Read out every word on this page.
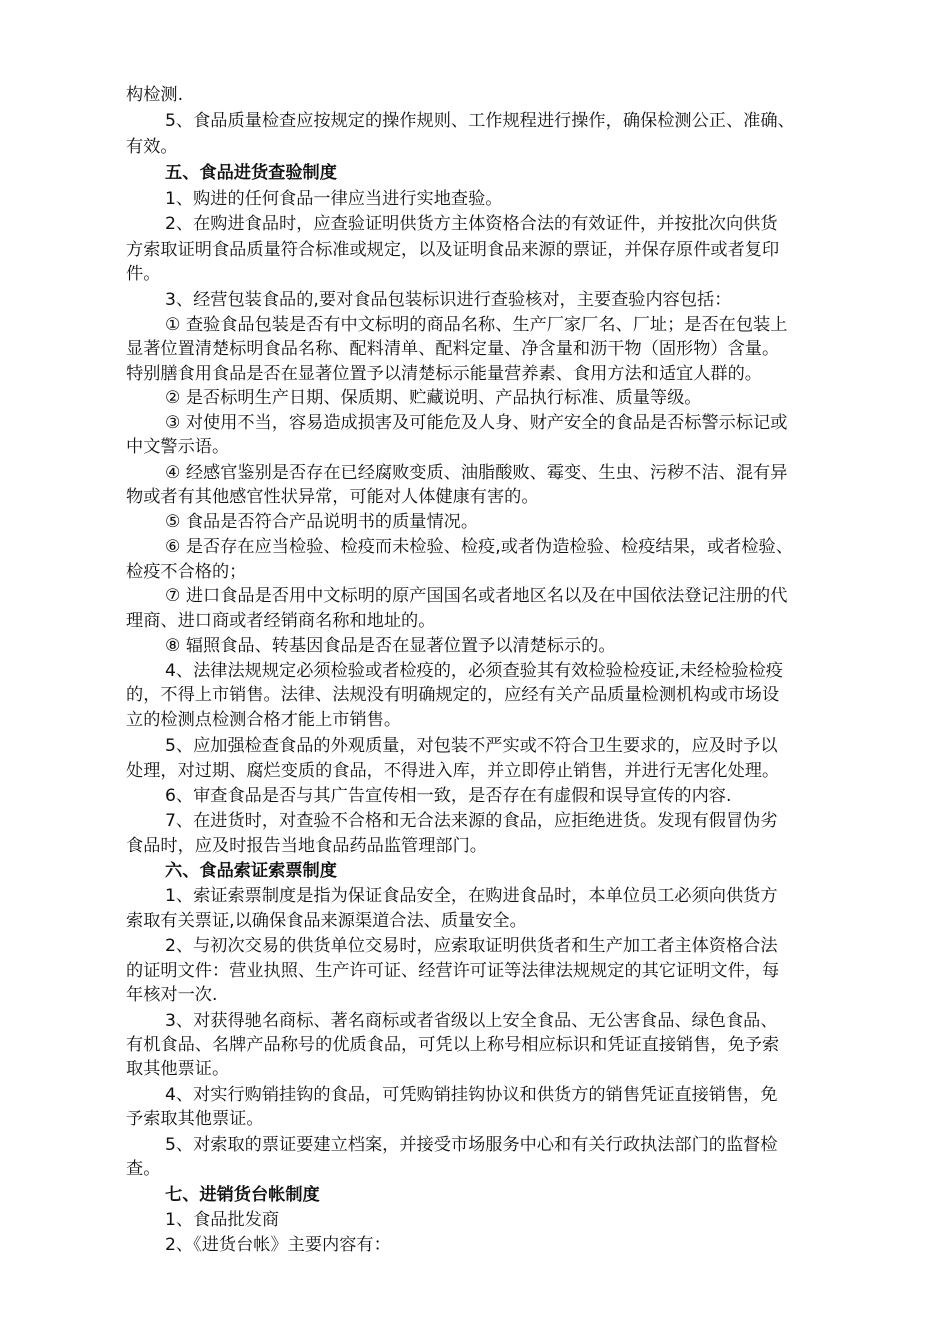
构检测.
5、食品质量检查应按规定的操作规则、工作规程进行操作，确保检测公正、准确、
有效。
五、食品进货查验制度
1、购进的任何食品一律应当进行实地查验。
2、在购进食品时，应查验证明供货方主体资格合法的有效证件，并按批次向供货
方索取证明食品质量符合标准或规定，以及证明食品来源的票证，并保存原件或者复印
件。
3、经营包装食品的,要对食品包装标识进行查验核对，主要查验内容包括：
① 查验食品包装是否有中文标明的商品名称、生产厂家厂名、厂址；是否在包装上
显著位置清楚标明食品名称、配料清单、配料定量、净含量和沥干物（固形物）含量。
特别膳食用食品是否在显著位置予以清楚标示能量营养素、食用方法和适宜人群的。
② 是否标明生产日期、保质期、贮藏说明、产品执行标准、质量等级。
③ 对使用不当，容易造成损害及可能危及人身、财产安全的食品是否标警示标记或
中文警示语。
④ 经感官鉴别是否存在已经腐败变质、油脂酸败、霉变、生虫、污秽不洁、混有异
物或者有其他感官性状异常，可能对人体健康有害的。
⑤ 食品是否符合产品说明书的质量情况。
⑥ 是否存在应当检验、检疫而未检验、检疫,或者伪造检验、检疫结果，或者检验、
检疫不合格的；
⑦ 进口食品是否用中文标明的原产国国名或者地区名以及在中国依法登记注册的代
理商、进口商或者经销商名称和地址的。
⑧ 辐照食品、转基因食品是否在显著位置予以清楚标示的。
4、法律法规规定必须检验或者检疫的，必须查验其有效检验检疫证,未经检验检疫
的，不得上市销售。法律、法规没有明确规定的，应经有关产品质量检测机构或市场设
立的检测点检测合格才能上市销售。
5、应加强检查食品的外观质量，对包装不严实或不符合卫生要求的，应及时予以
处理，对过期、腐烂变质的食品，不得进入库，并立即停止销售，并进行无害化处理。
6、审查食品是否与其广告宣传相一致，是否存在有虚假和误导宣传的内容.
7、在进货时，对查验不合格和无合法来源的食品，应拒绝进货。发现有假冒伪劣
食品时，应及时报告当地食品药品监管理部门。
六、食品索证索票制度
1、索证索票制度是指为保证食品安全，在购进食品时，本单位员工必须向供货方
索取有关票证,以确保食品来源渠道合法、质量安全。
2、与初次交易的供货单位交易时，应索取证明供货者和生产加工者主体资格合法
的证明文件：营业执照、生产许可证、经营许可证等法律法规规定的其它证明文件，每
年核对一次.
3、对获得驰名商标、著名商标或者省级以上安全食品、无公害食品、绿色食品、
有机食品、名牌产品称号的优质食品，可凭以上称号相应标识和凭证直接销售，免予索
取其他票证。
4、对实行购销挂钩的食品，可凭购销挂钩协议和供货方的销售凭证直接销售，免
予索取其他票证。
5、对索取的票证要建立档案，并接受市场服务中心和有关行政执法部门的监督检
查。
七、进销货台帐制度
1、食品批发商
2、《进货台帐》主要内容有：
